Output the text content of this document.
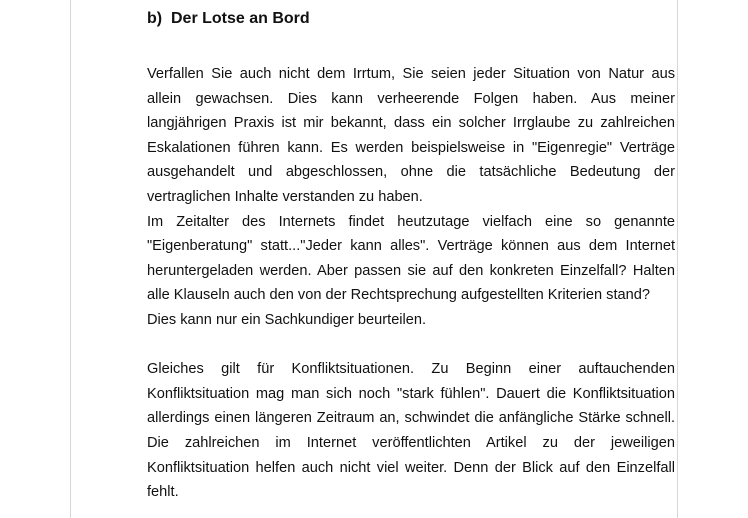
b)  Der Lotse an Bord
Verfallen Sie auch nicht dem Irrtum, Sie seien jeder Situation von Natur aus
allein gewachsen. Dies kann verheerende Folgen haben. Aus meiner
langjährigen Praxis ist mir bekannt, dass ein solcher Irrglaube zu zahlreichen
Eskalationen führen kann. Es werden beispielsweise in "Eigenregie" Verträge
ausgehandelt und abgeschlossen, ohne die tatsächliche Bedeutung der
vertraglichen Inhalte verstanden zu haben.
Im Zeitalter des Internets findet heutzutage vielfach eine so genannte
"Eigenberatung" statt..."Jeder kann alles". Verträge können aus dem Internet
heruntergeladen werden. Aber passen sie auf den konkreten Einzelfall? Halten
alle Klauseln auch den von der Rechtsprechung aufgestellten Kriterien stand?
Dies kann nur ein Sachkundiger beurteilen.
Gleiches gilt für Konfliktsituationen. Zu Beginn einer auftauchenden
Konfliktsituation mag man sich noch "stark fühlen". Dauert die Konfliktsituation
allerdings einen längeren Zeitraum an, schwindet die anfängliche Stärke schnell.
Die zahlreichen im Internet veröffentlichten Artikel zu der jeweiligen
Konfliktsituation helfen auch nicht viel weiter. Denn der Blick auf den Einzelfall
fehlt.
